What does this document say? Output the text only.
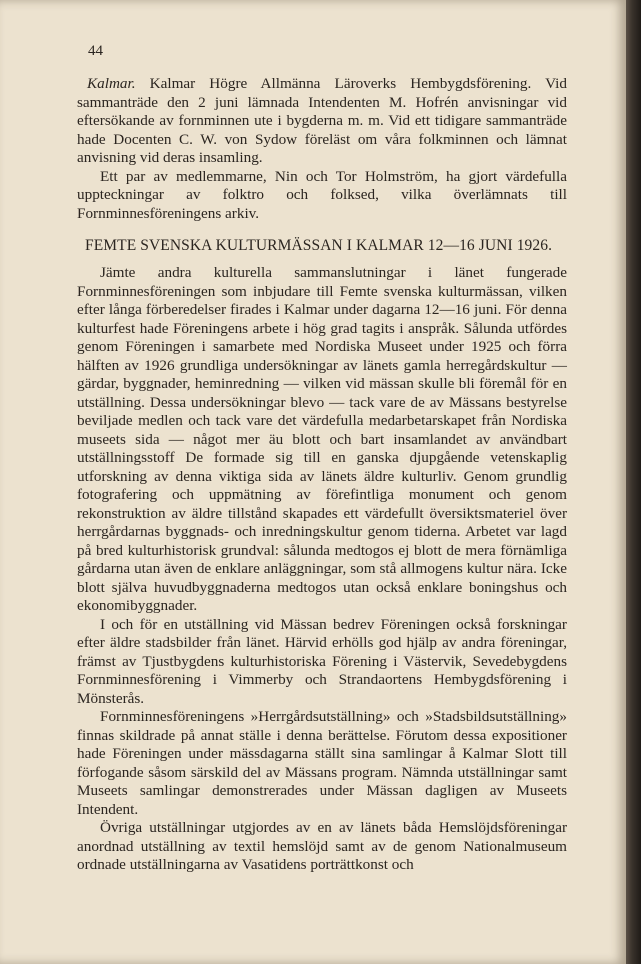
44

Kalmar. Kalmar Högre Allmänna Läroverks Hembygdsförening. Vid sammanträde den 2 juni lämnada Intendenten M. Hofrén anvisningar vid eftersökande av fornminnen ute i bygderna m. m. Vid ett tidigare sammanträde hade Docenten C. W. von Sydow föreläst om våra folkminnen och lämnat anvisning vid deras insamling.

Ett par av medlemmarne, Nin och Tor Holmström, ha gjort värdefulla uppteckningar av folktro och folksed, vilka överlämnats till Fornminnesföreningens arkiv.

FEMTE SVENSKA KULTURMÄSSAN I KALMAR 12—16 JUNI 1926.

Jämte andra kulturella sammanslutningar i länet fungerade Fornminnesföreningen som inbjudare till Femte svenska kulturmässan, vilken efter långa förberedelser firades i Kalmar under dagarna 12—16 juni. För denna kulturfest hade Föreningens arbete i hög grad tagits i anspråk. Sålunda utfördes genom Föreningen i samarbete med Nordiska Museet under 1925 och förra hälften av 1926 grundliga undersökningar av länets gamla herregårdskultur — gärdar, byggnader, heminredning — vilken vid mässan skulle bli föremål för en utställning. Dessa undersökningar blevo — tack vare de av Mässans bestyrelse beviljade medlen och tack vare det värdefulla medarbetarskapet från Nordiska museets sida — något mer äu blott och bart insamlandet av användbart utställningsstoff De formade sig till en ganska djupgående vetenskaplig utforskning av denna viktiga sida av länets äldre kulturliv. Genom grundlig fotografering och uppmätning av förefintliga monument och genom rekonstruktion av äldre tillstånd skapades ett värdefullt översiktsmateriel över herrgårdarnas byggnads- och inredningskultur genom tiderna. Arbetet var lagd på bred kulturhistorisk grundval: sålunda medtogos ej blott de mera förnämliga gårdarna utan även de enklare anläggningar, som stå allmogens kultur nära. Icke blott själva huvudbyggnaderna medtogos utan också enklare boningshus och ekonomibyggnader.

I och för en utställning vid Mässan bedrev Föreningen också forskningar efter äldre stadsbilder från länet. Härvid erhölls god hjälp av andra föreningar, främst av Tjustbygdens kulturhistoriska Förening i Västervik, Sevedebygdens Fornminnesförening i Vimmerby och Strandaortens Hembygdsförening i Mönsterås.

Fornminnesföreningens »Herrgårdsutställning» och »Stadsbildsutställning» finnas skildrade på annat ställe i denna berättelse. Förutom dessa expositioner hade Föreningen under mässdagarna ställt sina samlingar å Kalmar Slott till förfogande såsom särskild del av Mässans program. Nämnda utställningar samt Museets samlingar demonstrerades under Mässan dagligen av Museets Intendent.

Övriga utställningar utgjordes av en av länets båda Hemslöjdsföreningar anordnad utställning av textil hemslöjd samt av de genom Nationalmuseum ordnade utställningarna av Vasatidens porträttkonst och
